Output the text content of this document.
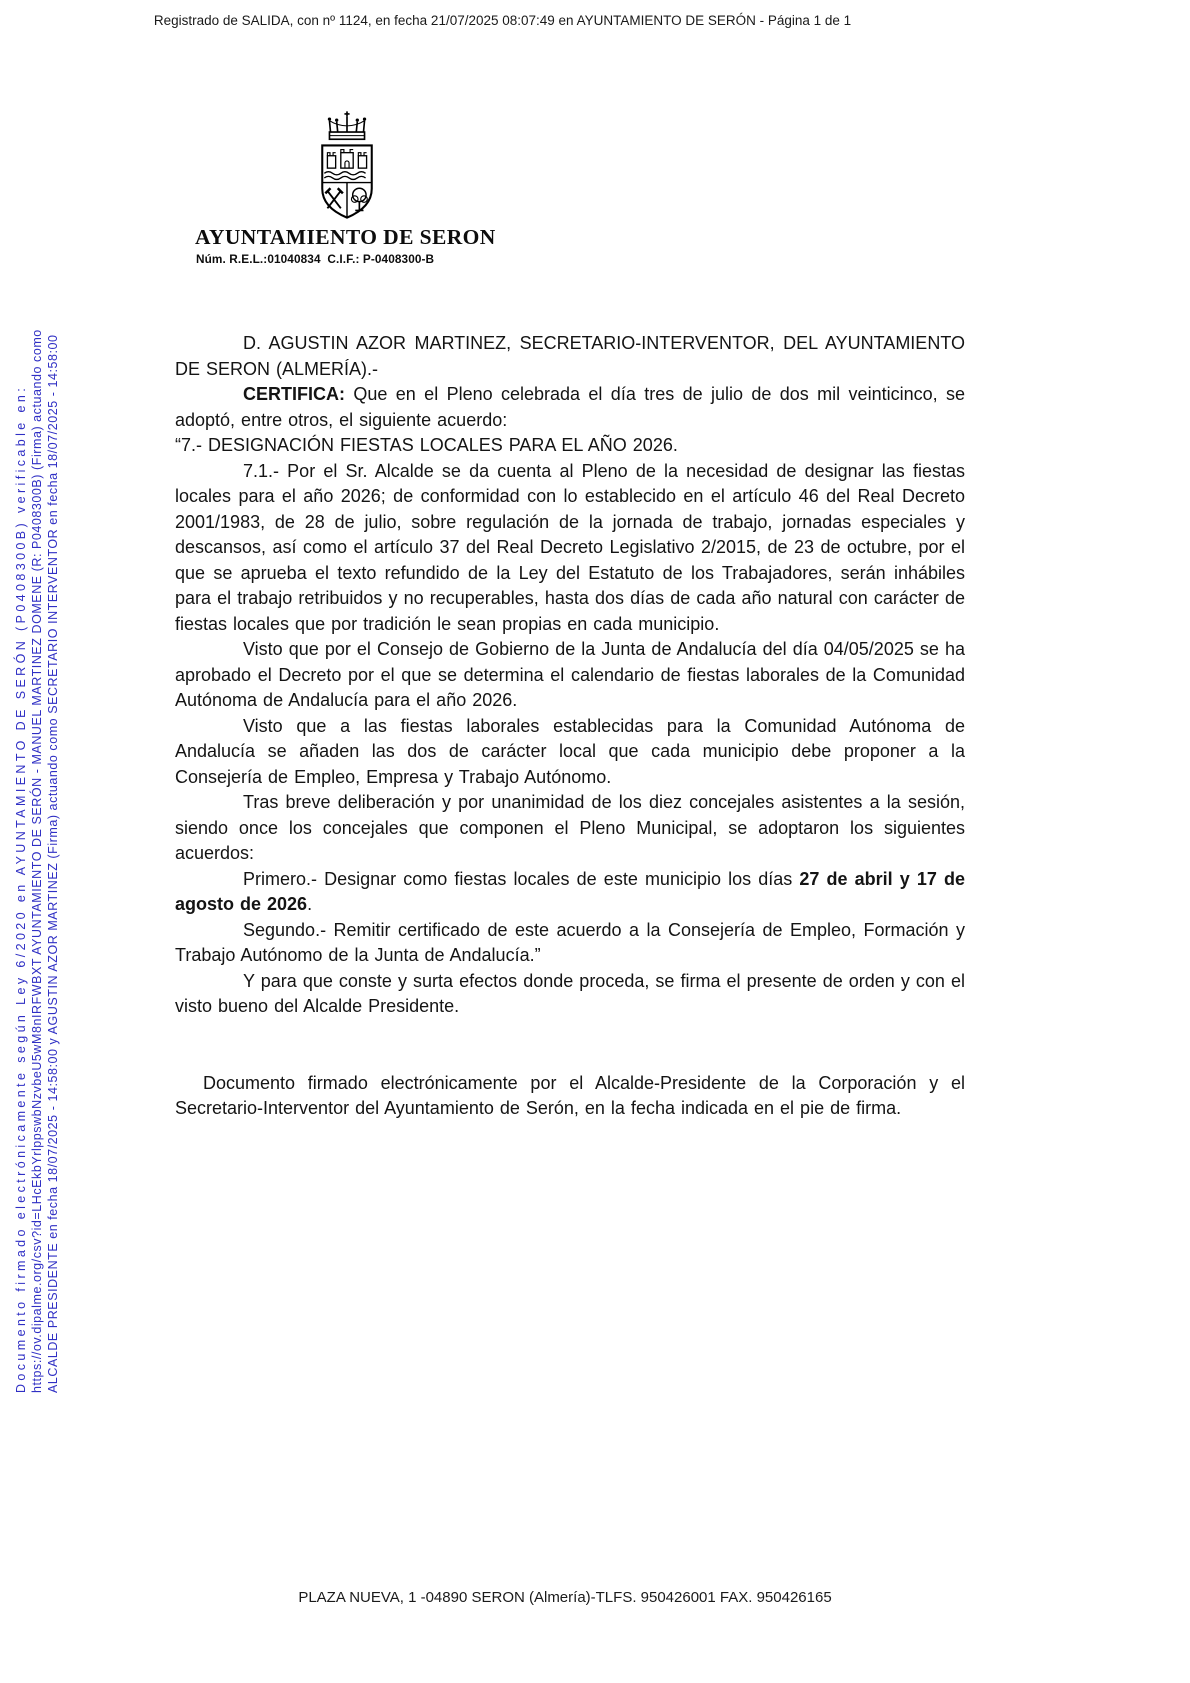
Registrado de SALIDA, con nº 1124, en fecha 21/07/2025 08:07:49 en AYUNTAMIENTO DE SERÓN - Página 1 de 1
Documento firmado electrónicamente según Ley 6/2020 en AYUNTAMIENTO DE SERÓN (P0408300B) verificable en: https://ov.dipalme.org/csv?id=LHcEkbYrlppswbNzvbeU5wM8nIRFWBXT AYUNTAMIENTO DE SERÓN - MANUEL MARTINEZ DOMENE (R: P0408300B) (Firma) actuando como ALCALDE PRESIDENTE en fecha 18/07/2025 - 14:58:00 y AGUSTIN AZOR MARTINEZ (Firma) actuando como SECRETARIO INTERVENTOR en fecha 18/07/2025 - 14:58:00
AYUNTAMIENTO DE SERON
Núm. R.E.L.:01040834  C.I.F.: P-0408300-B

D. AGUSTIN AZOR MARTINEZ, SECRETARIO-INTERVENTOR, DEL AYUNTAMIENTO DE SERON (ALMERÍA).-

CERTIFICA: Que en el Pleno celebrada el día tres de julio de dos mil veinticinco, se adoptó, entre otros, el siguiente acuerdo:

“7.- DESIGNACIÓN FIESTAS LOCALES PARA EL AÑO 2026.

7.1.- Por el Sr. Alcalde se da cuenta al Pleno de la necesidad de designar las fiestas locales para el año 2026; de conformidad con lo establecido en el artículo 46 del Real Decreto 2001/1983, de 28 de julio, sobre regulación de la jornada de trabajo, jornadas especiales y descansos, así como el artículo 37 del Real Decreto Legislativo 2/2015, de 23 de octubre, por el que se aprueba el texto refundido de la Ley del Estatuto de los Trabajadores, serán inhábiles para el trabajo retribuidos y no recuperables, hasta dos días de cada año natural con carácter de fiestas locales que por tradición le sean propias en cada municipio.

Visto que por el Consejo de Gobierno de la Junta de Andalucía del día 04/05/2025 se ha aprobado el Decreto por el que se determina el calendario de fiestas laborales de la Comunidad Autónoma de Andalucía para el año 2026.

Visto que a las fiestas laborales establecidas para la Comunidad Autónoma de Andalucía se añaden las dos de carácter local que cada municipio debe proponer a la Consejería de Empleo, Empresa y Trabajo Autónomo.

Tras breve deliberación y por unanimidad de los diez concejales asistentes a la sesión, siendo once los concejales que componen el Pleno Municipal, se adoptaron los siguientes acuerdos:

Primero.- Designar como fiestas locales de este municipio los días 27 de abril y 17 de agosto de 2026.

Segundo.- Remitir certificado de este acuerdo a la Consejería de Empleo, Formación y Trabajo Autónomo de la Junta de Andalucía.”

Y para que conste y surta efectos donde proceda, se firma el presente de orden y con el visto bueno del Alcalde Presidente.

Documento firmado electrónicamente por el Alcalde-Presidente de la Corporación y el Secretario-Interventor del Ayuntamiento de Serón, en la fecha indicada en el pie de firma.

PLAZA NUEVA, 1 -04890 SERON (Almería)-TLFS. 950426001 FAX. 950426165
